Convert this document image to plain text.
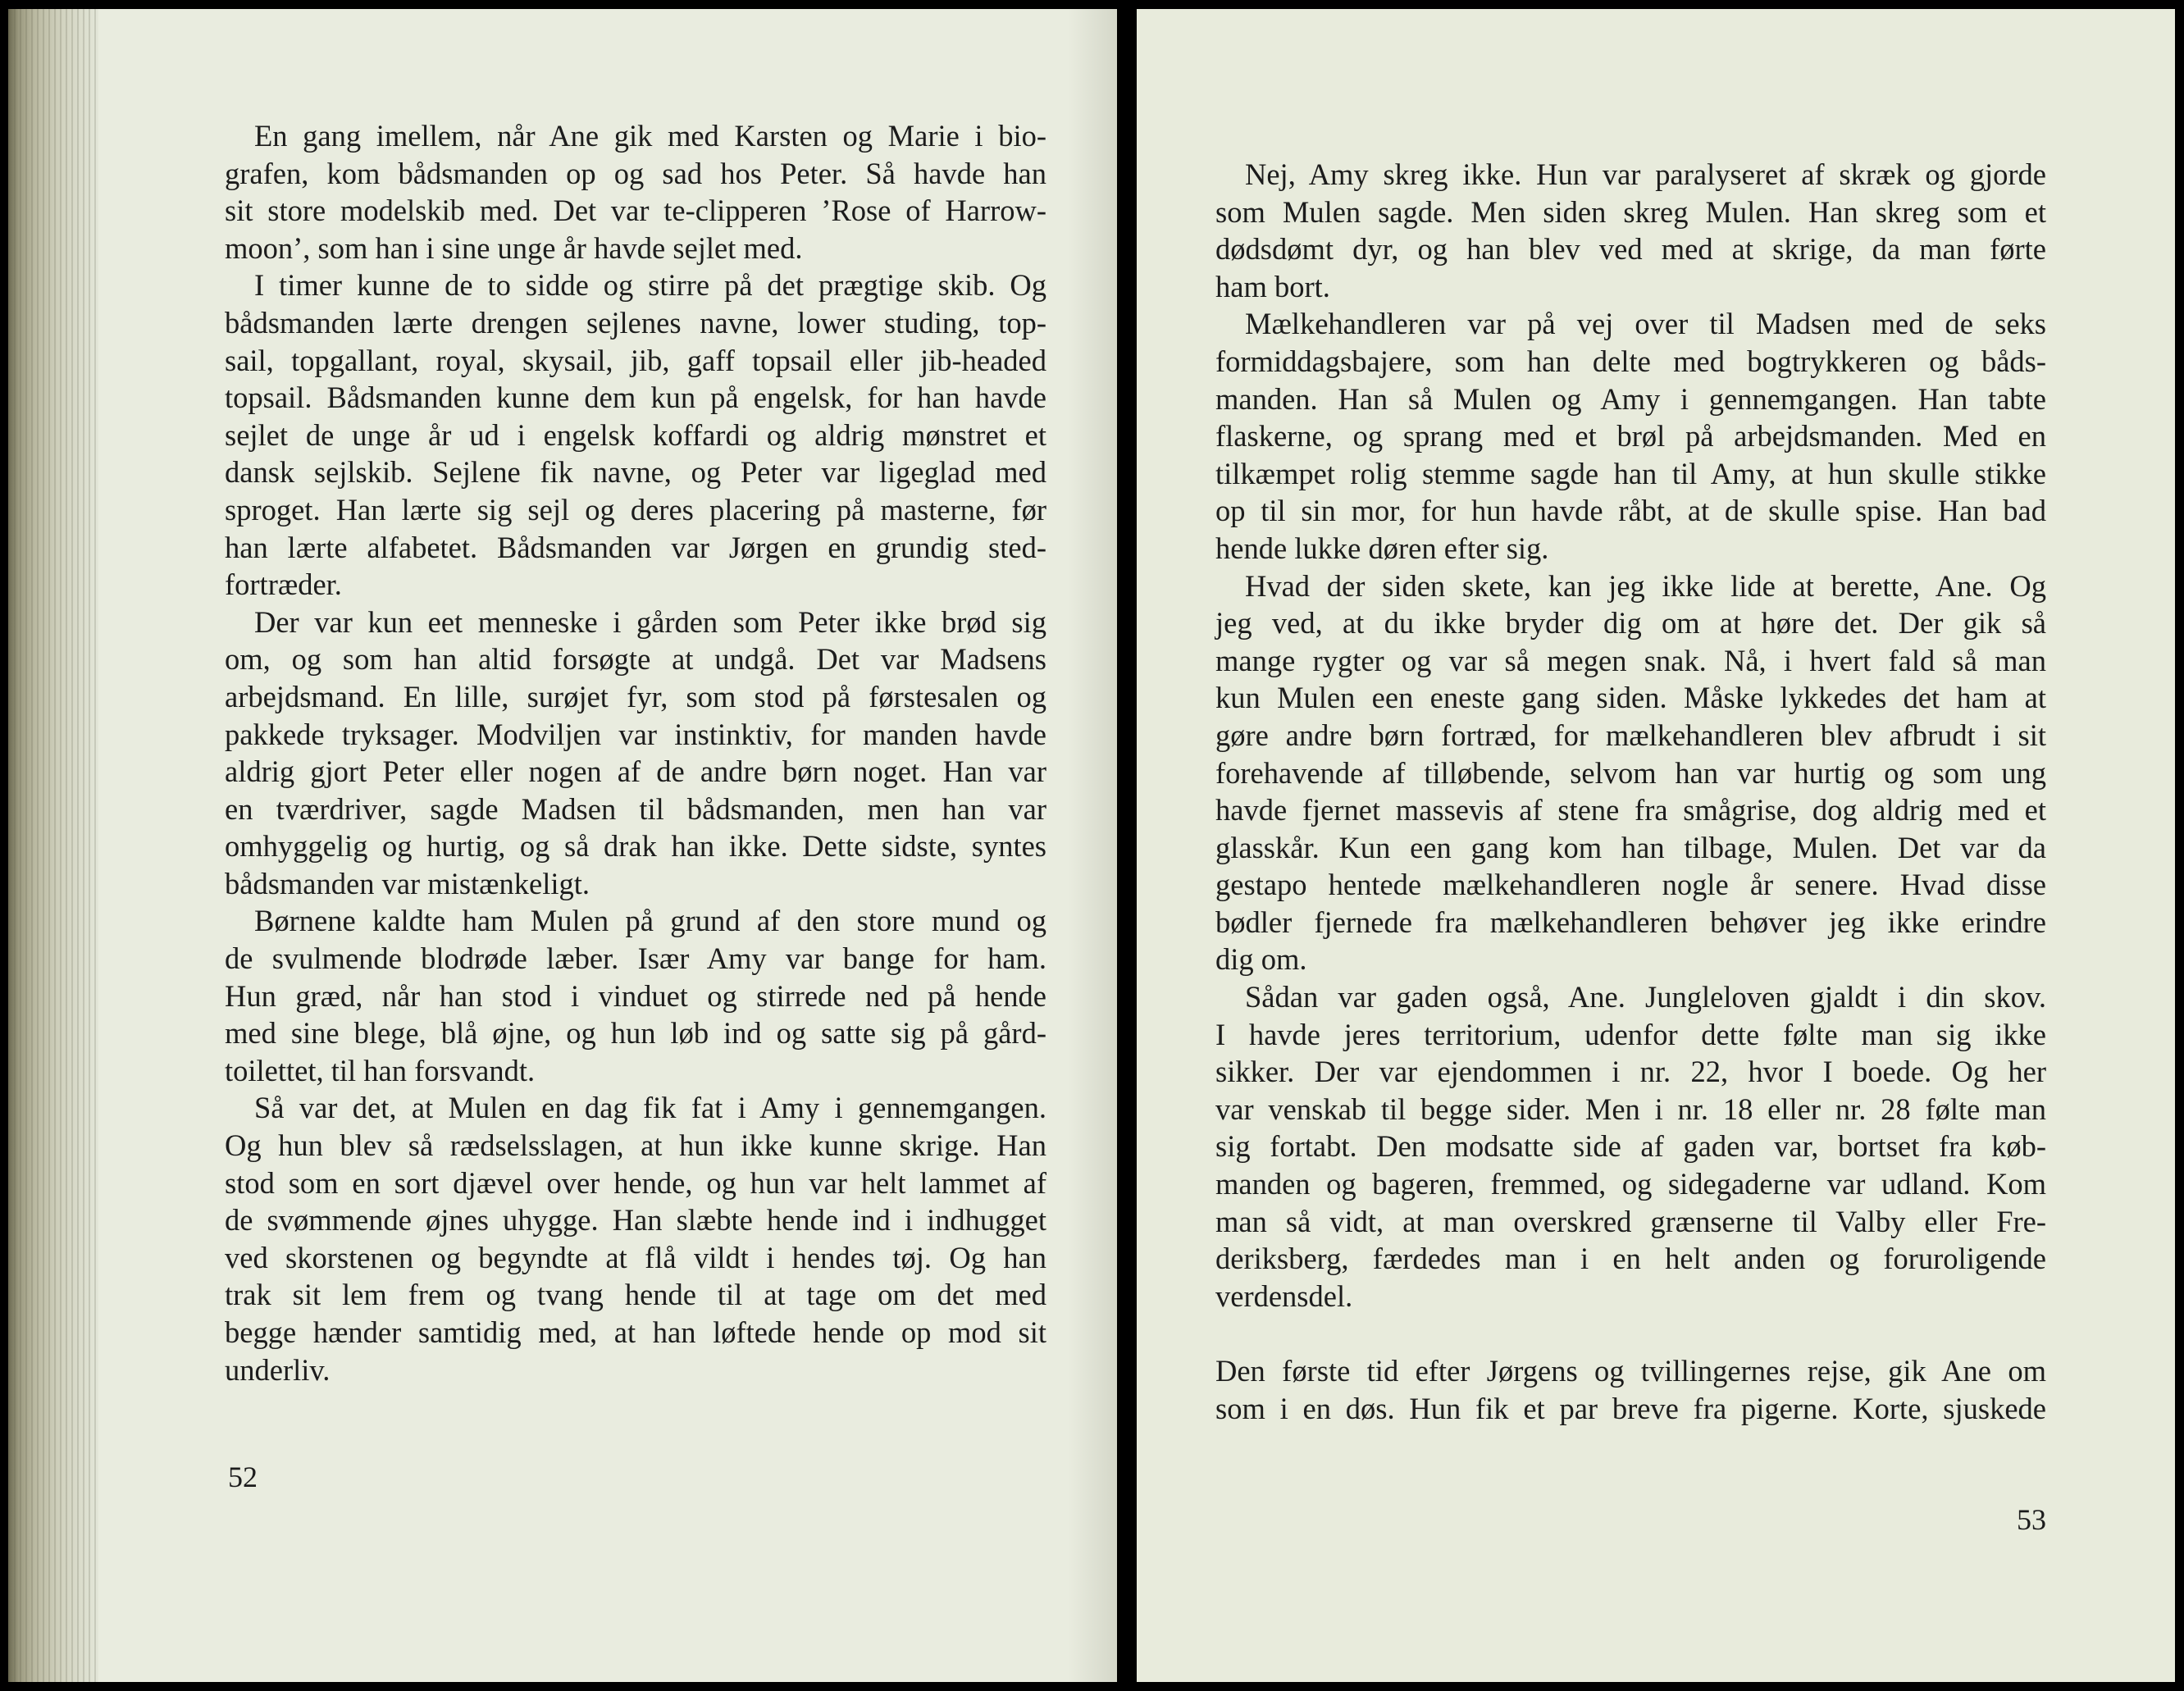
En gang imellem, når Ane gik med Karsten og Marie i bio-
grafen, kom bådsmanden op og sad hos Peter. Så havde han
sit store modelskib med. Det var te-clipperen ’Rose of Harrow-
moon’, som han i sine unge år havde sejlet med.
I timer kunne de to sidde og stirre på det prægtige skib. Og
bådsmanden lærte drengen sejlenes navne, lower studing, top-
sail, topgallant, royal, skysail, jib, gaff topsail eller jib-headed
topsail. Bådsmanden kunne dem kun på engelsk, for han havde
sejlet de unge år ud i engelsk koffardi og aldrig mønstret et
dansk sejlskib. Sejlene fik navne, og Peter var ligeglad med
sproget. Han lærte sig sejl og deres placering på masterne, før
han lærte alfabetet. Bådsmanden var Jørgen en grundig sted-
fortræder.
Der var kun eet menneske i gården som Peter ikke brød sig
om, og som han altid forsøgte at undgå. Det var Madsens
arbejdsmand. En lille, surøjet fyr, som stod på førstesalen og
pakkede tryksager. Modviljen var instinktiv, for manden havde
aldrig gjort Peter eller nogen af de andre børn noget. Han var
en tværdriver, sagde Madsen til bådsmanden, men han var
omhyggelig og hurtig, og så drak han ikke. Dette sidste, syntes
bådsmanden var mistænkeligt.
Børnene kaldte ham Mulen på grund af den store mund og
de svulmende blodrøde læber. Især Amy var bange for ham.
Hun græd, når han stod i vinduet og stirrede ned på hende
med sine blege, blå øjne, og hun løb ind og satte sig på gård-
toilettet, til han forsvandt.
Så var det, at Mulen en dag fik fat i Amy i gennemgangen.
Og hun blev så rædselsslagen, at hun ikke kunne skrige. Han
stod som en sort djævel over hende, og hun var helt lammet af
de svømmende øjnes uhygge. Han slæbte hende ind i indhugget
ved skorstenen og begyndte at flå vildt i hendes tøj. Og han
trak sit lem frem og tvang hende til at tage om det med
begge hænder samtidig med, at han løftede hende op mod sit
underliv.
52
Nej, Amy skreg ikke. Hun var paralyseret af skræk og gjorde
som Mulen sagde. Men siden skreg Mulen. Han skreg som et
dødsdømt dyr, og han blev ved med at skrige, da man førte
ham bort.
Mælkehandleren var på vej over til Madsen med de seks
formiddagsbajere, som han delte med bogtrykkeren og båds-
manden. Han så Mulen og Amy i gennemgangen. Han tabte
flaskerne, og sprang med et brøl på arbejdsmanden. Med en
tilkæmpet rolig stemme sagde han til Amy, at hun skulle stikke
op til sin mor, for hun havde råbt, at de skulle spise. Han bad
hende lukke døren efter sig.
Hvad der siden skete, kan jeg ikke lide at berette, Ane. Og
jeg ved, at du ikke bryder dig om at høre det. Der gik så
mange rygter og var så megen snak. Nå, i hvert fald så man
kun Mulen een eneste gang siden. Måske lykkedes det ham at
gøre andre børn fortræd, for mælkehandleren blev afbrudt i sit
forehavende af tilløbende, selvom han var hurtig og som ung
havde fjernet massevis af stene fra smågrise, dog aldrig med et
glasskår. Kun een gang kom han tilbage, Mulen. Det var da
gestapo hentede mælkehandleren nogle år senere. Hvad disse
bødler fjernede fra mælkehandleren behøver jeg ikke erindre
dig om.
Sådan var gaden også, Ane. Jungleloven gjaldt i din skov.
I havde jeres territorium, udenfor dette følte man sig ikke
sikker. Der var ejendommen i nr. 22, hvor I boede. Og her
var venskab til begge sider. Men i nr. 18 eller nr. 28 følte man
sig fortabt. Den modsatte side af gaden var, bortset fra køb-
manden og bageren, fremmed, og sidegaderne var udland. Kom
man så vidt, at man overskred grænserne til Valby eller Fre-
deriksberg, færdedes man i en helt anden og foruroligende
verdensdel.
Den første tid efter Jørgens og tvillingernes rejse, gik Ane om
som i en døs. Hun fik et par breve fra pigerne. Korte, sjuskede
53
